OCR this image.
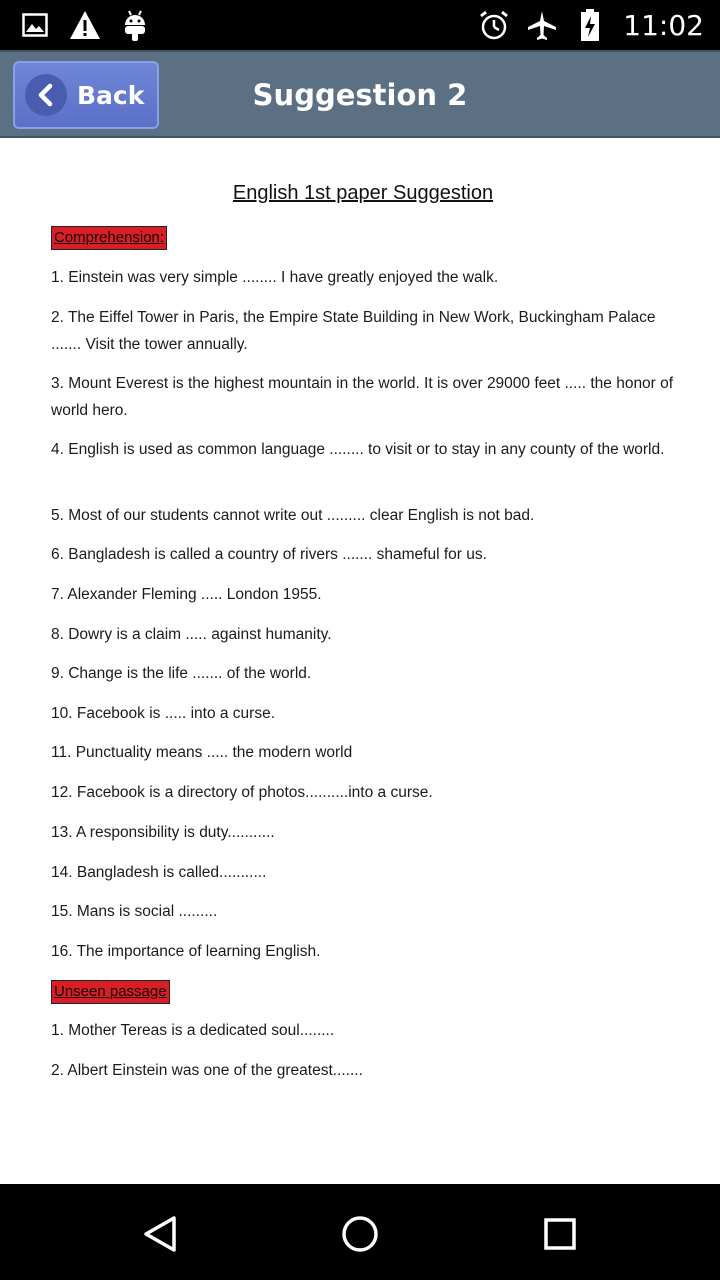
11:02
Suggestion 2
Back
English 1st paper Suggestion
Comprehension:
1. Einstein was very simple ........ I have greatly enjoyed the walk.
2. The Eiffel Tower in Paris, the Empire State Building in New Work, Buckingham Palace ....... Visit the tower annually.
3. Mount Everest is the highest mountain in the world. It is over 29000 feet ..... the honor of world hero.
4. English is used as common language ........ to visit or to stay in any county of the world.
5. Most of our students cannot write out ......... clear English is not bad.
6. Bangladesh is called a country of rivers ....... shameful for us.
7. Alexander Fleming ..... London 1955.
8. Dowry is a claim ..... against humanity.
9. Change is the life ....... of the world.
10. Facebook is ..... into a curse.
11. Punctuality means ..... the modern world
12. Facebook is a directory of photos..........into a curse.
13. A responsibility is duty...........
14. Bangladesh is called...........
15. Mans is social .........
16. The importance of learning English.
Unseen passage
1. Mother Tereas is a dedicated soul........
2. Albert Einstein was one of the greatest.......
